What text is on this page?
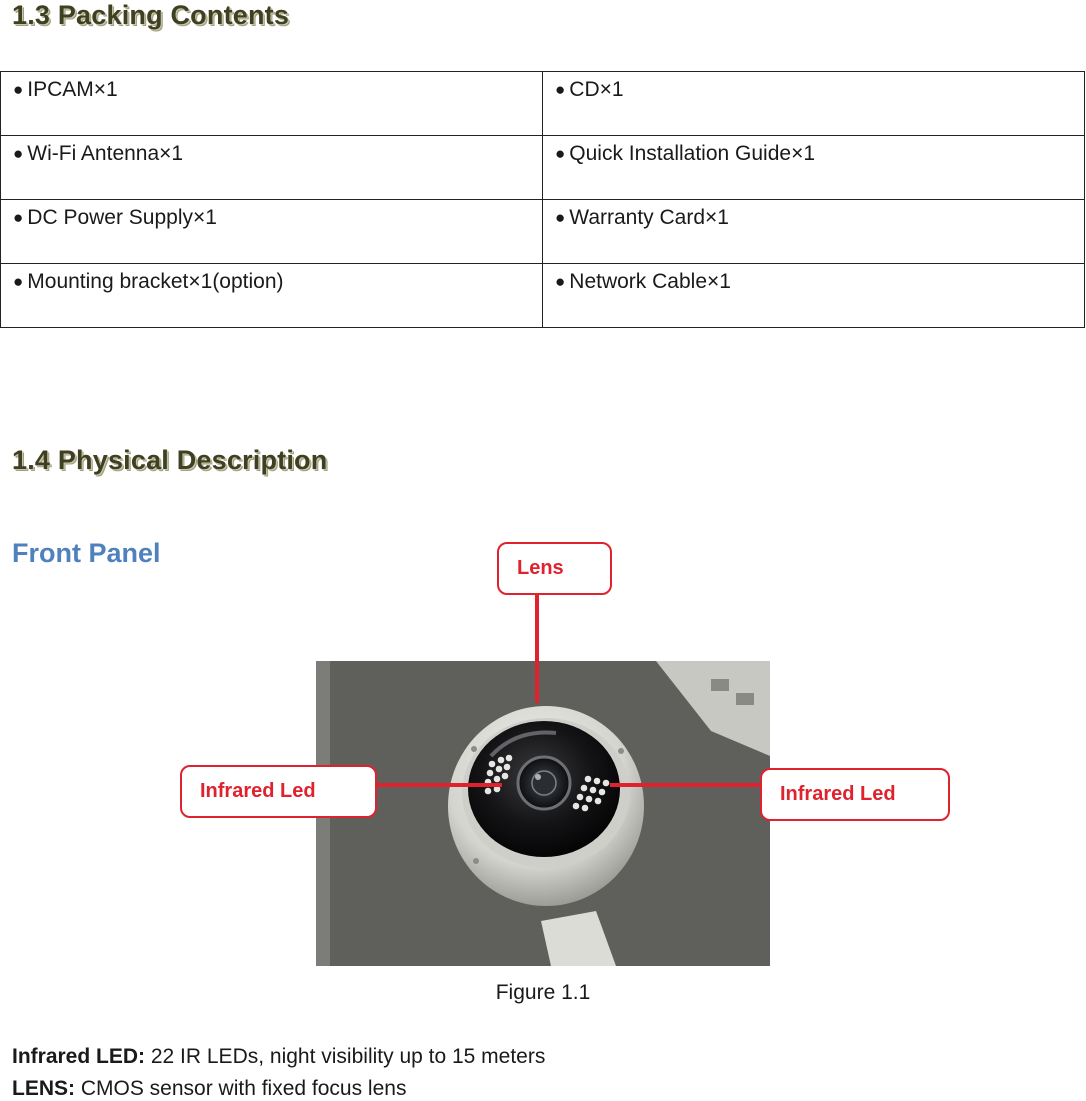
1.3 Packing Contents
● IPCAM×1	● CD×1
● Wi-Fi Antenna×1	● Quick Installation Guide×1
● DC Power Supply×1	● Warranty Card×1
● Mounting bracket×1(option)	● Network Cable×1
1.4 Physical Description
Front Panel	Lens
Infrared Led	Infrared Led

Figure 1.1

Infrared LED: 22 IR LEDs, night visibility up to 15 meters

LENS: CMOS sensor with fixed focus lens
